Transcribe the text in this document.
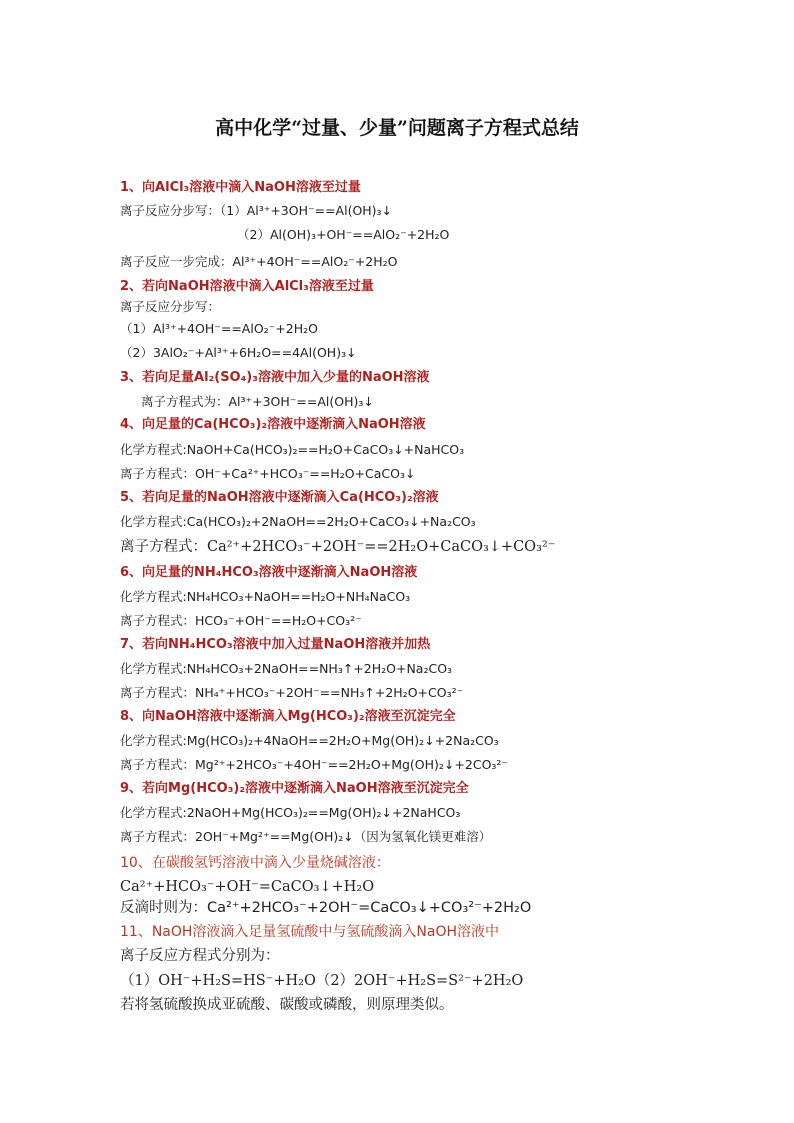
高中化学“过量、少量”问题离子方程式总结
1、向AlCl₃溶液中滴入NaOH溶液至过量
离子反应分步写：（1）Al³⁺+3OH⁻==Al(OH)₃↓
（2）Al(OH)₃+OH⁻==AlO₂⁻+2H₂O
离子反应一步完成：Al³⁺+4OH⁻==AlO₂⁻+2H₂O
2、若向NaOH溶液中滴入AlCl₃溶液至过量
离子反应分步写：
（1）Al³⁺+4OH⁻==AlO₂⁻+2H₂O
（2）3AlO₂⁻+Al³⁺+6H₂O==4Al(OH)₃↓
3、若向足量Al₂(SO₄)₃溶液中加入少量的NaOH溶液
离子方程式为：Al³⁺+3OH⁻==Al(OH)₃↓
4、向足量的Ca(HCO₃)₂溶液中逐渐滴入NaOH溶液
化学方程式:NaOH+Ca(HCO₃)₂==H₂O+CaCO₃↓+NaHCO₃
离子方程式：OH⁻+Ca²⁺+HCO₃⁻==H₂O+CaCO₃↓
5、若向足量的NaOH溶液中逐渐滴入Ca(HCO₃)₂溶液
化学方程式:Ca(HCO₃)₂+2NaOH==2H₂O+CaCO₃↓+Na₂CO₃
离子方程式：Ca²⁺+2HCO₃⁻+2OH⁻==2H₂O+CaCO₃↓+CO₃²⁻
6、向足量的NH₄HCO₃溶液中逐渐滴入NaOH溶液
化学方程式:NH₄HCO₃+NaOH==H₂O+NH₄NaCO₃
离子方程式：HCO₃⁻+OH⁻==H₂O+CO₃²⁻
7、若向NH₄HCO₃溶液中加入过量NaOH溶液并加热
化学方程式:NH₄HCO₃+2NaOH==NH₃↑+2H₂O+Na₂CO₃
离子方程式：NH₄⁺+HCO₃⁻+2OH⁻==NH₃↑+2H₂O+CO₃²⁻
8、向NaOH溶液中逐渐滴入Mg(HCO₃)₂溶液至沉淀完全
化学方程式:Mg(HCO₃)₂+4NaOH==2H₂O+Mg(OH)₂↓+2Na₂CO₃
离子方程式：Mg²⁺+2HCO₃⁻+4OH⁻==2H₂O+Mg(OH)₂↓+2CO₃²⁻
9、若向Mg(HCO₃)₂溶液中逐渐滴入NaOH溶液至沉淀完全
化学方程式:2NaOH+Mg(HCO₃)₂==Mg(OH)₂↓+2NaHCO₃
离子方程式：2OH⁻+Mg²⁺==Mg(OH)₂↓（因为氢氧化镁更难溶）
10、在碳酸氢钙溶液中滴入少量烧碱溶液：
Ca²⁺+HCO₃⁻+OH⁻=CaCO₃↓+H₂O
反滴时则为：Ca²⁺+2HCO₃⁻+2OH⁻=CaCO₃↓+CO₃²⁻+2H₂O
11、NaOH溶液滴入足量氢硫酸中与氢硫酸滴入NaOH溶液中
离子反应方程式分别为：
（1）OH⁻+H₂S=HS⁻+H₂O（2）2OH⁻+H₂S=S²⁻+2H₂O
若将氢硫酸换成亚硫酸、碳酸或磷酸，则原理类似。
